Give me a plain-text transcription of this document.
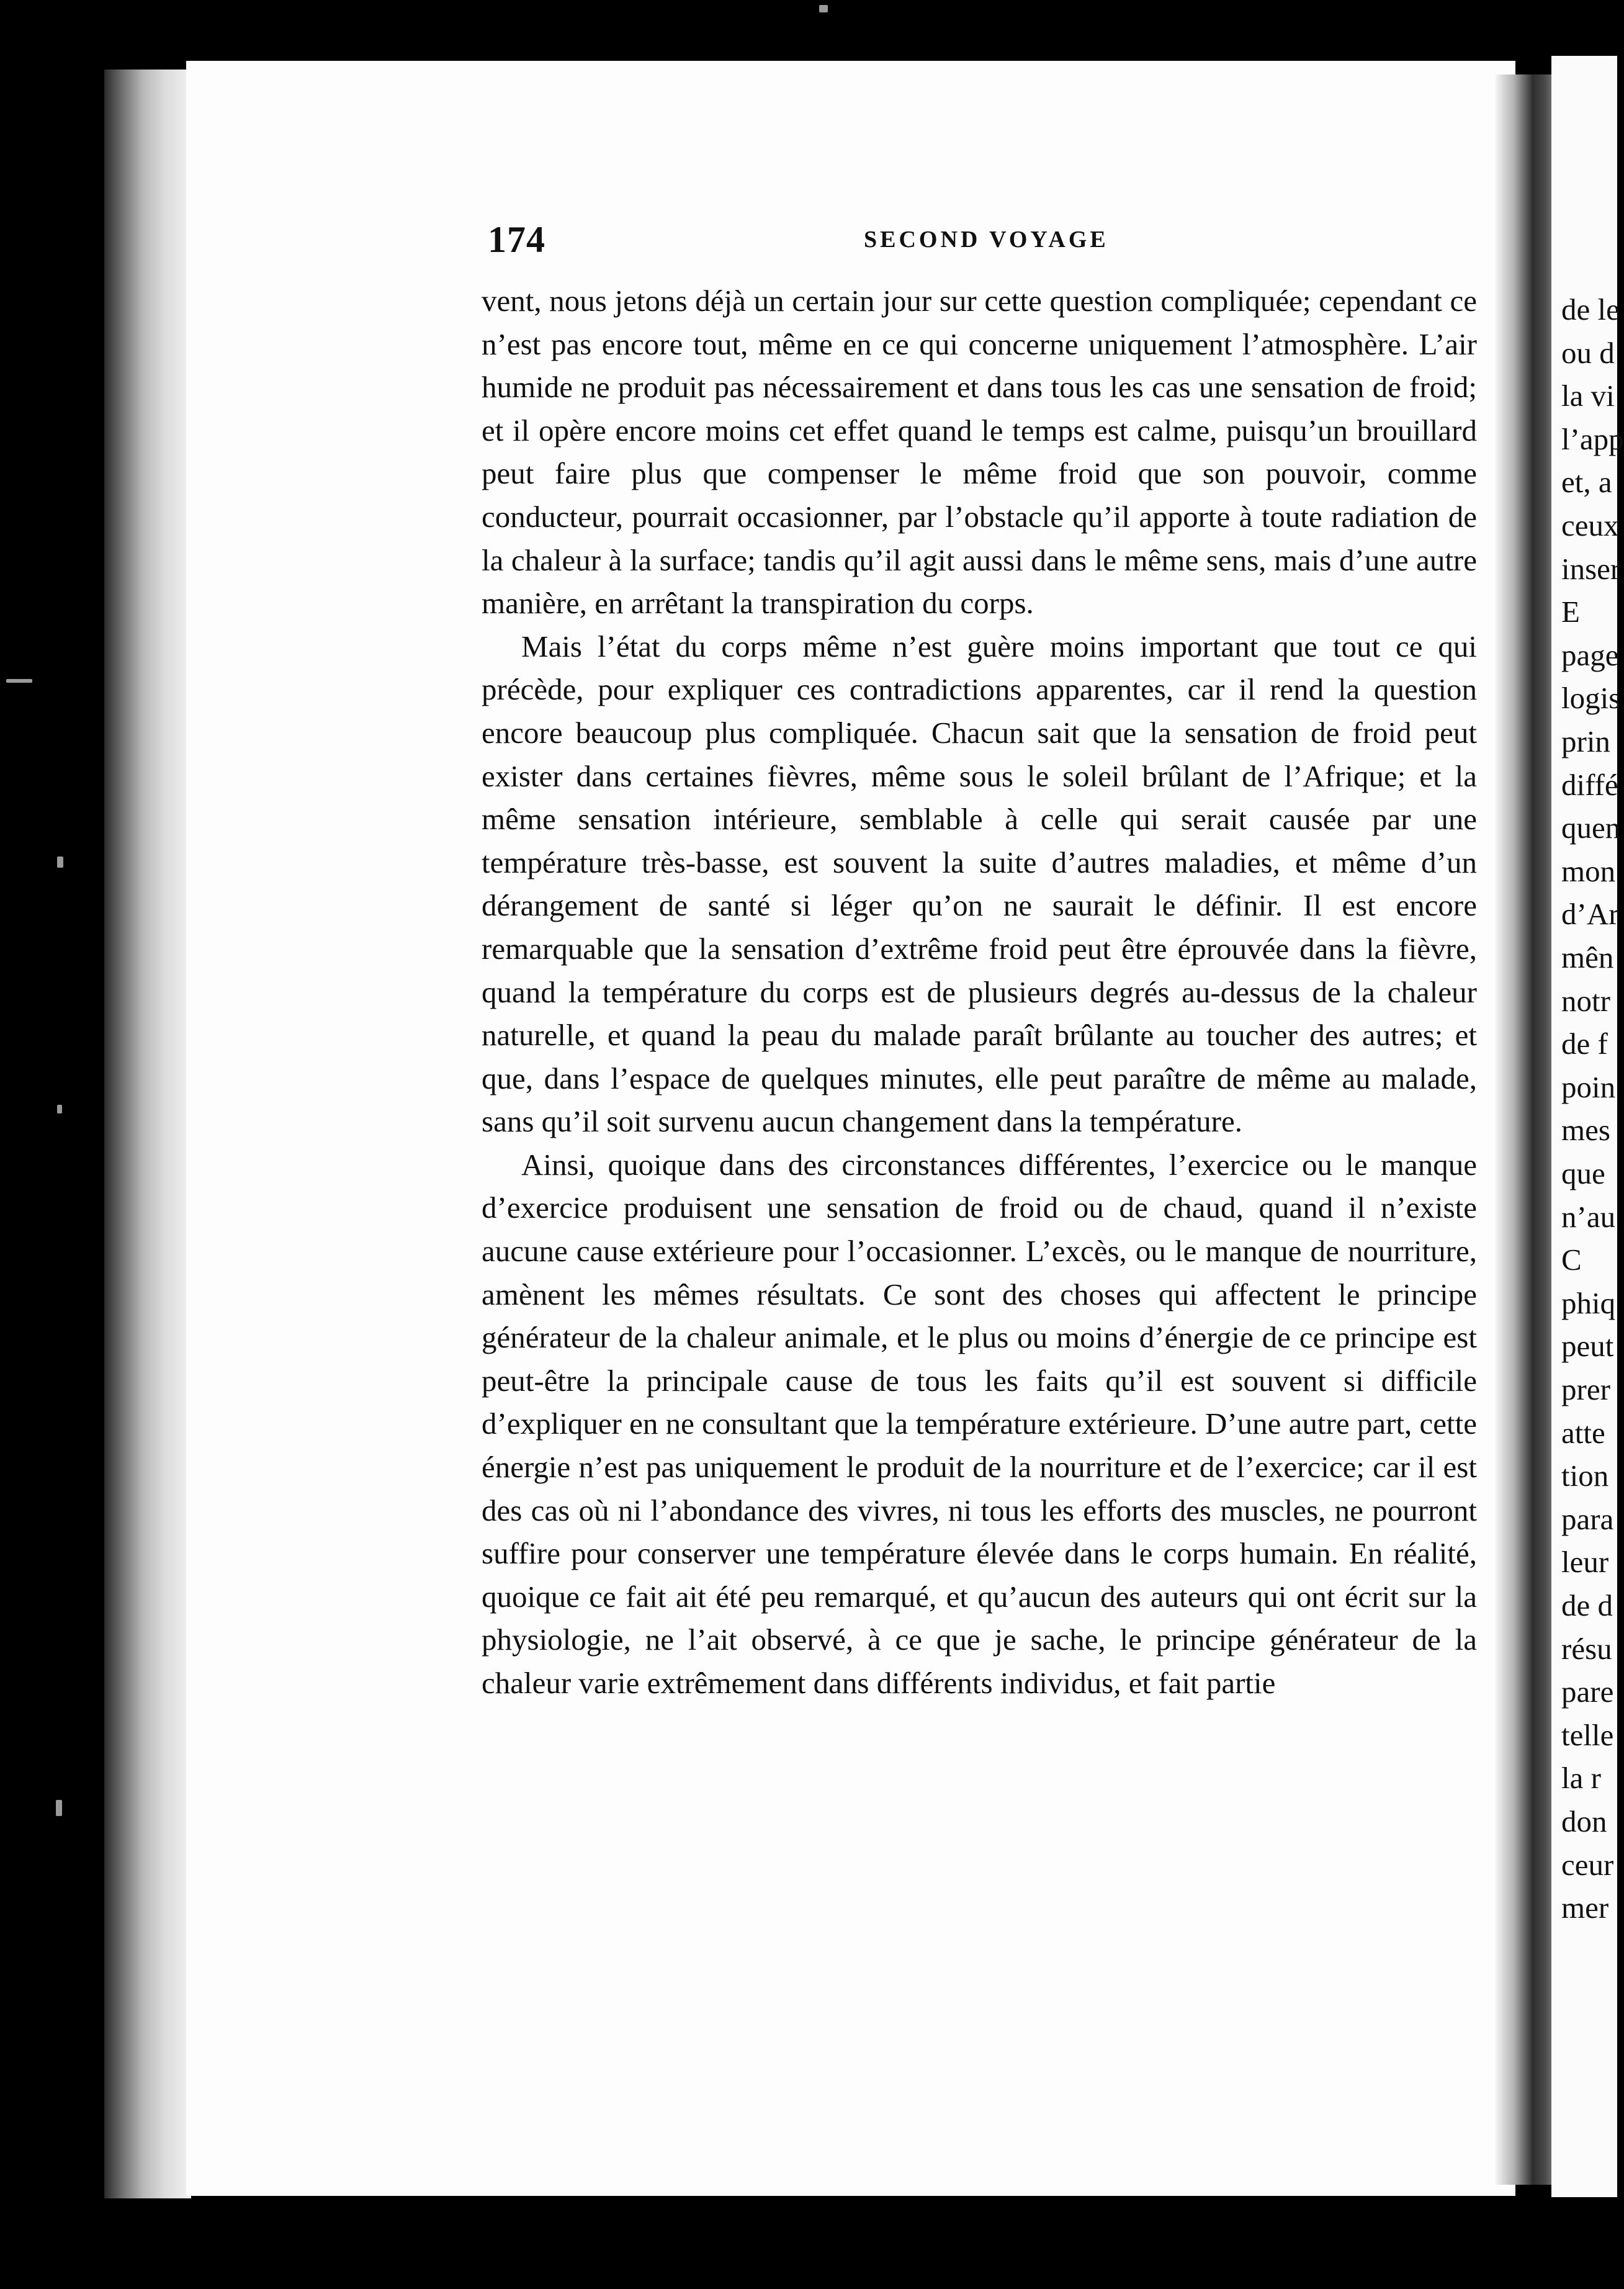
174	SECOND VOYAGE

vent, nous jetons déjà un certain jour sur cette question compliquée; cependant ce n’est pas encore tout, même en ce qui concerne uniquement l’atmosphère. L’air humide ne produit pas nécessairement et dans tous les cas une sensation de froid; et il opère encore moins cet effet quand le temps est calme, puisqu’un brouillard peut faire plus que compenser le même froid que son pouvoir, comme conducteur, pourrait occasionner, par l’obstacle qu’il apporte à toute radiation de la chaleur à la surface; tandis qu’il agit aussi dans le même sens, mais d’une autre manière, en arrêtant la transpiration du corps.

Mais l’état du corps même n’est guère moins important que tout ce qui précède, pour expliquer ces contradictions apparentes, car il rend la question encore beaucoup plus compliquée. Chacun sait que la sensation de froid peut exister dans certaines fièvres, même sous le soleil brûlant de l’Afrique; et la même sensation intérieure, semblable à celle qui serait causée par une température très-basse, est souvent la suite d’autres maladies, et même d’un dérangement de santé si léger qu’on ne saurait le définir. Il est encore remarquable que la sensation d’extrême froid peut être éprouvée dans la fièvre, quand la température du corps est de plusieurs degrés au-dessus de la chaleur naturelle, et quand la peau du malade paraît brûlante au toucher des autres; et que, dans l’espace de quelques minutes, elle peut paraître de même au malade, sans qu’il soit survenu aucun changement dans la température.

Ainsi, quoique dans des circonstances différentes, l’exercice ou le manque d’exercice produisent une sensation de froid ou de chaud, quand il n’existe aucune cause extérieure pour l’occasionner. L’excès, ou le manque de nourriture, amènent les mêmes résultats. Ce sont des choses qui affectent le principe générateur de la chaleur animale, et le plus ou moins d’énergie de ce principe est peut-être la principale cause de tous les faits qu’il est souvent si difficile d’expliquer en ne consultant que la température extérieure. D’une autre part, cette énergie n’est pas uniquement le produit de la nourriture et de l’exercice; car il est des cas où ni l’abondance des vivres, ni tous les efforts des muscles, ne pourront suffire pour conserver une température élevée dans le corps humain. En réalité, quoique ce fait ait été peu remarqué, et qu’aucun des auteurs qui ont écrit sur la physiologie, ne l’ait observé, à ce que je sache, le principe générateur de la chaleur varie extrêmement dans différents individus, et fait partie

de le
ou d
la vi
l’app
et, a
ceux
inser
E
page
logis
prin
diffé
quen
mon
d’Ar
mên
notr
de f
poin
mes
que
n’au
C
phiq
peut
prer
atte
tion
para
leur
de d
résu
pare
telle
la r
don
ceur
mer
